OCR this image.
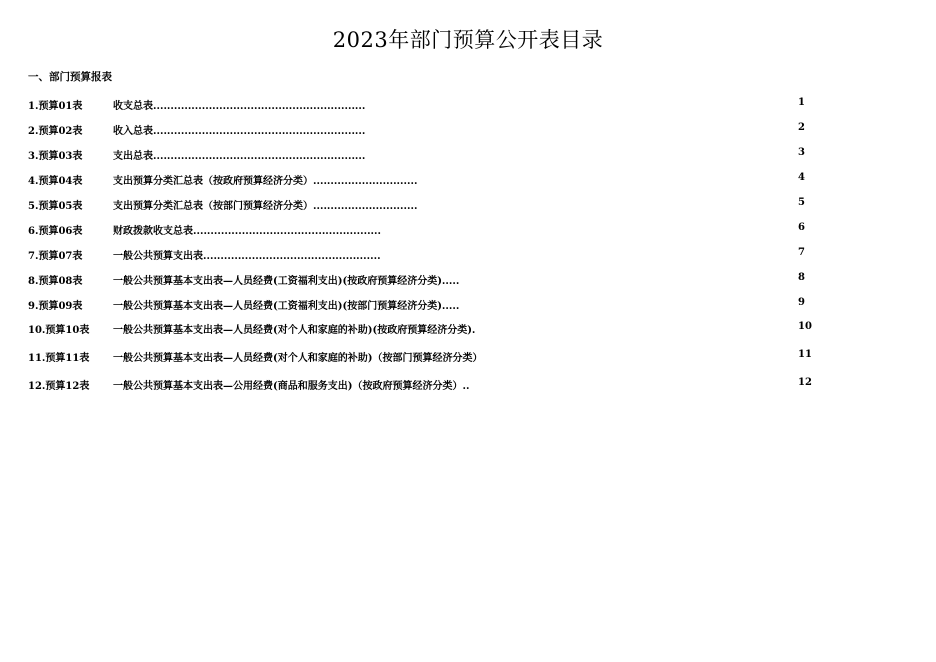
2023年部门预算公开表目录
一、部门预算报表
1.预算01表	收支总表.............................................................	1
2.预算02表	收入总表.............................................................	2
3.预算03表	支出总表.............................................................	3
4.预算04表	支出预算分类汇总表（按政府预算经济分类）..............................	4
5.预算05表	支出预算分类汇总表（按部门预算经济分类）..............................	5
6.预算06表	财政拨款收支总表......................................................	6
7.预算07表	一般公共预算支出表...................................................	7
8.预算08表	一般公共预算基本支出表—人员经费(工资福利支出)(按政府预算经济分类).....	8
9.预算09表	一般公共预算基本支出表—人员经费(工资福利支出)(按部门预算经济分类).....	9
10.预算10表 一般公共预算基本支出表—人员经费(对个人和家庭的补助)(按政府预算经济分类).	10
11.预算11表 一般公共预算基本支出表—人员经费(对个人和家庭的补助)（按部门预算经济分类）	11
12.预算12表 一般公共预算基本支出表—公用经费(商品和服务支出)（按政府预算经济分类）..	12
